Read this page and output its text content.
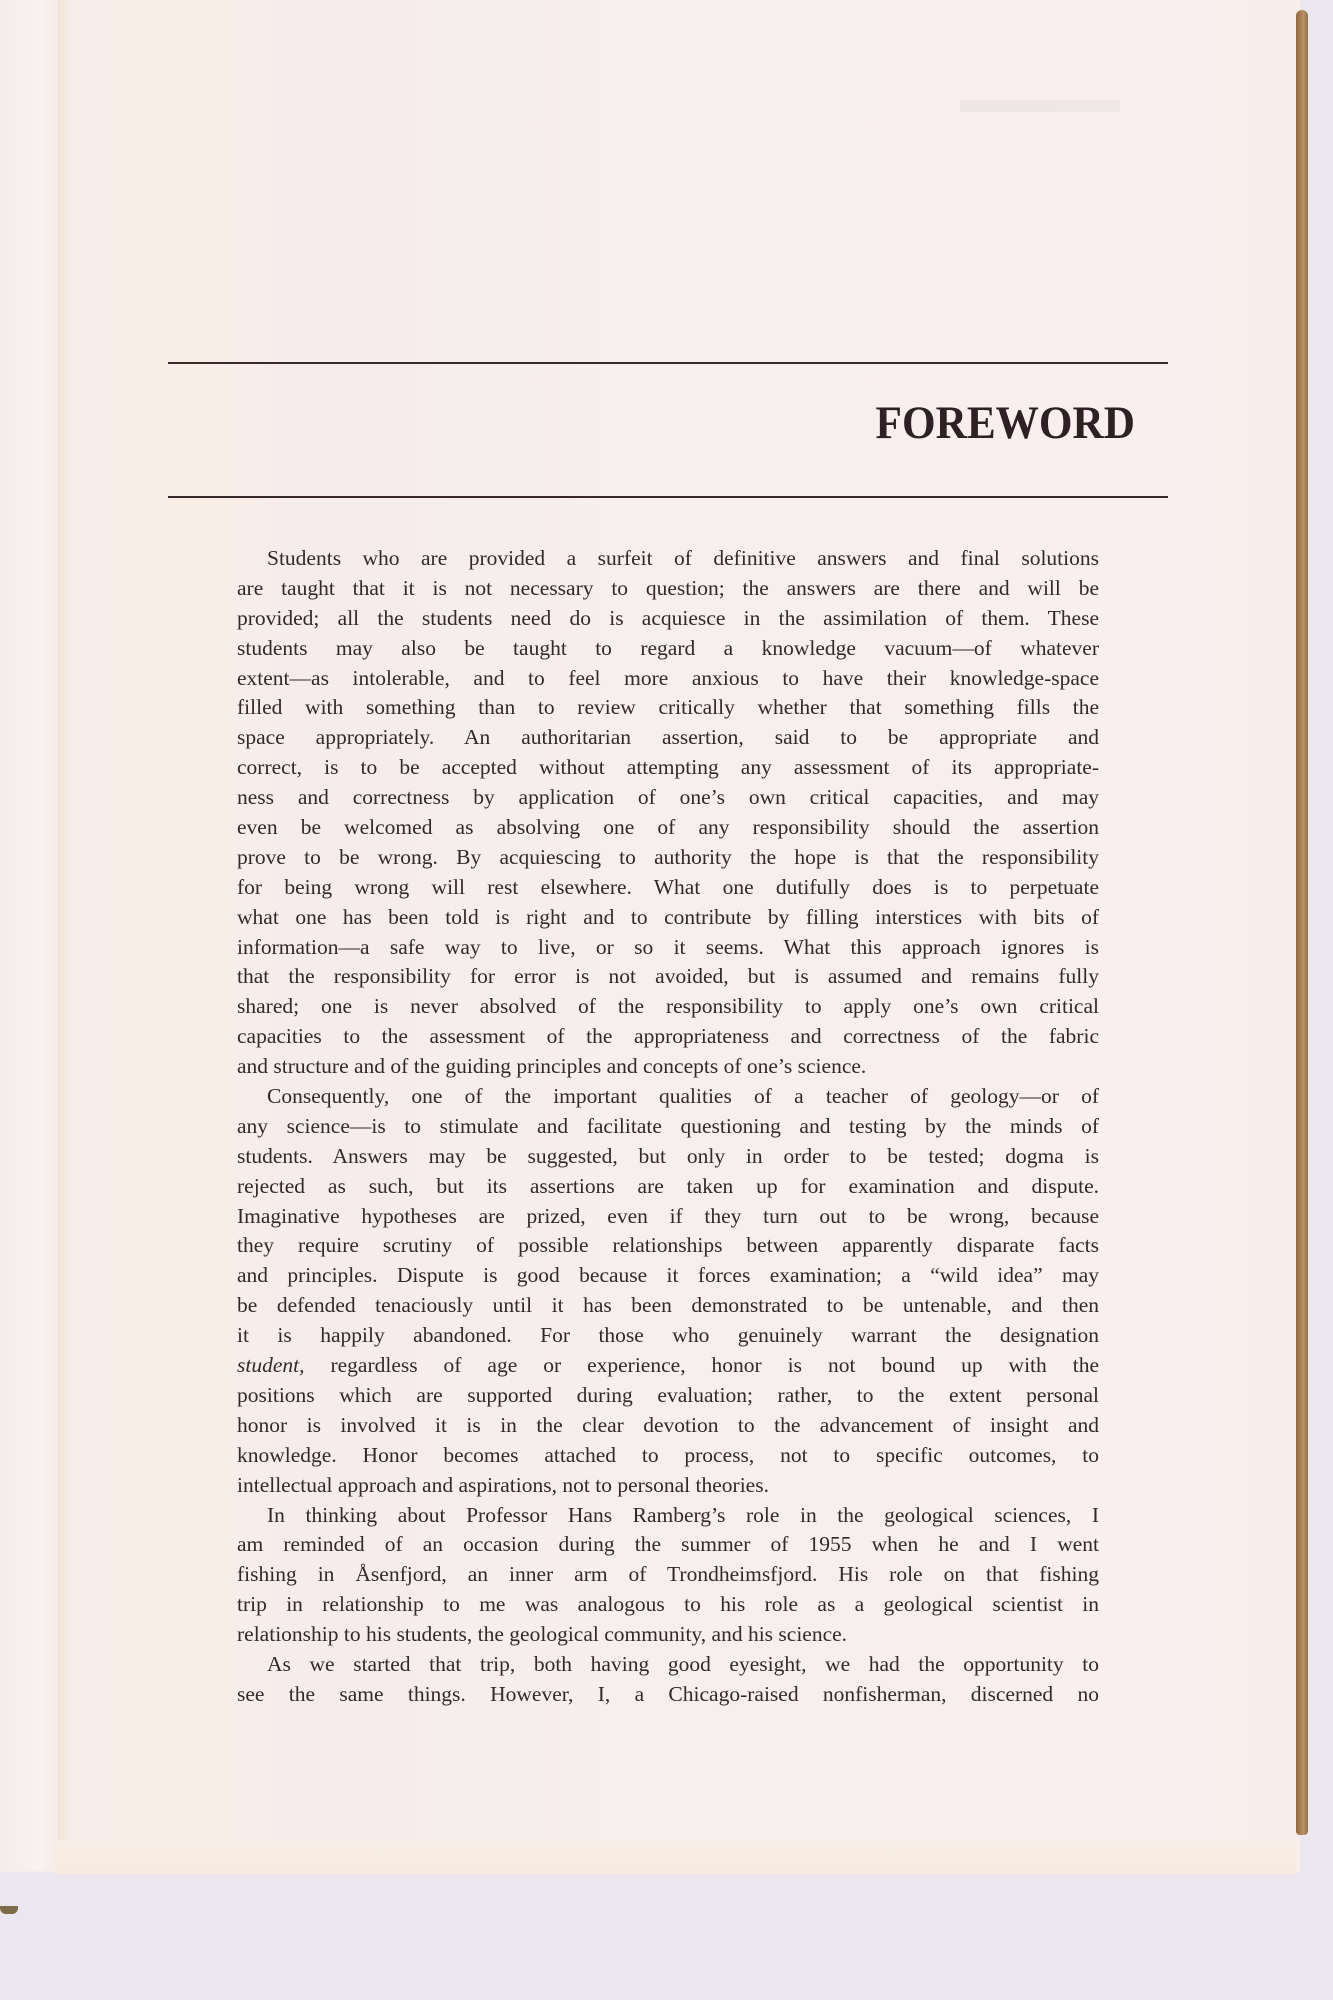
FOREWORD
Students who are provided a surfeit of definitive answers and final solutions
are taught that it is not necessary to question; the answers are there and will be
provided; all the students need do is acquiesce in the assimilation of them. These
students may also be taught to regard a knowledge vacuum—of whatever
extent—as intolerable, and to feel more anxious to have their knowledge-space
filled with something than to review critically whether that something fills the
space appropriately. An authoritarian assertion, said to be appropriate and
correct, is to be accepted without attempting any assessment of its appropriate-
ness and correctness by application of one’s own critical capacities, and may
even be welcomed as absolving one of any responsibility should the assertion
prove to be wrong. By acquiescing to authority the hope is that the responsibility
for being wrong will rest elsewhere. What one dutifully does is to perpetuate
what one has been told is right and to contribute by filling interstices with bits of
information—a safe way to live, or so it seems. What this approach ignores is
that the responsibility for error is not avoided, but is assumed and remains fully
shared; one is never absolved of the responsibility to apply one’s own critical
capacities to the assessment of the appropriateness and correctness of the fabric
and structure and of the guiding principles and concepts of one’s science.
Consequently, one of the important qualities of a teacher of geology—or of
any science—is to stimulate and facilitate questioning and testing by the minds of
students. Answers may be suggested, but only in order to be tested; dogma is
rejected as such, but its assertions are taken up for examination and dispute.
Imaginative hypotheses are prized, even if they turn out to be wrong, because
they require scrutiny of possible relationships between apparently disparate facts
and principles. Dispute is good because it forces examination; a “wild idea” may
be defended tenaciously until it has been demonstrated to be untenable, and then
it is happily abandoned. For those who genuinely warrant the designation
student, regardless of age or experience, honor is not bound up with the
positions which are supported during evaluation; rather, to the extent personal
honor is involved it is in the clear devotion to the advancement of insight and
knowledge. Honor becomes attached to process, not to specific outcomes, to
intellectual approach and aspirations, not to personal theories.
In thinking about Professor Hans Ramberg’s role in the geological sciences, I
am reminded of an occasion during the summer of 1955 when he and I went
fishing in Åsenfjord, an inner arm of Trondheimsfjord. His role on that fishing
trip in relationship to me was analogous to his role as a geological scientist in
relationship to his students, the geological community, and his science.
As we started that trip, both having good eyesight, we had the opportunity to
see the same things. However, I, a Chicago-raised nonfisherman, discerned no
